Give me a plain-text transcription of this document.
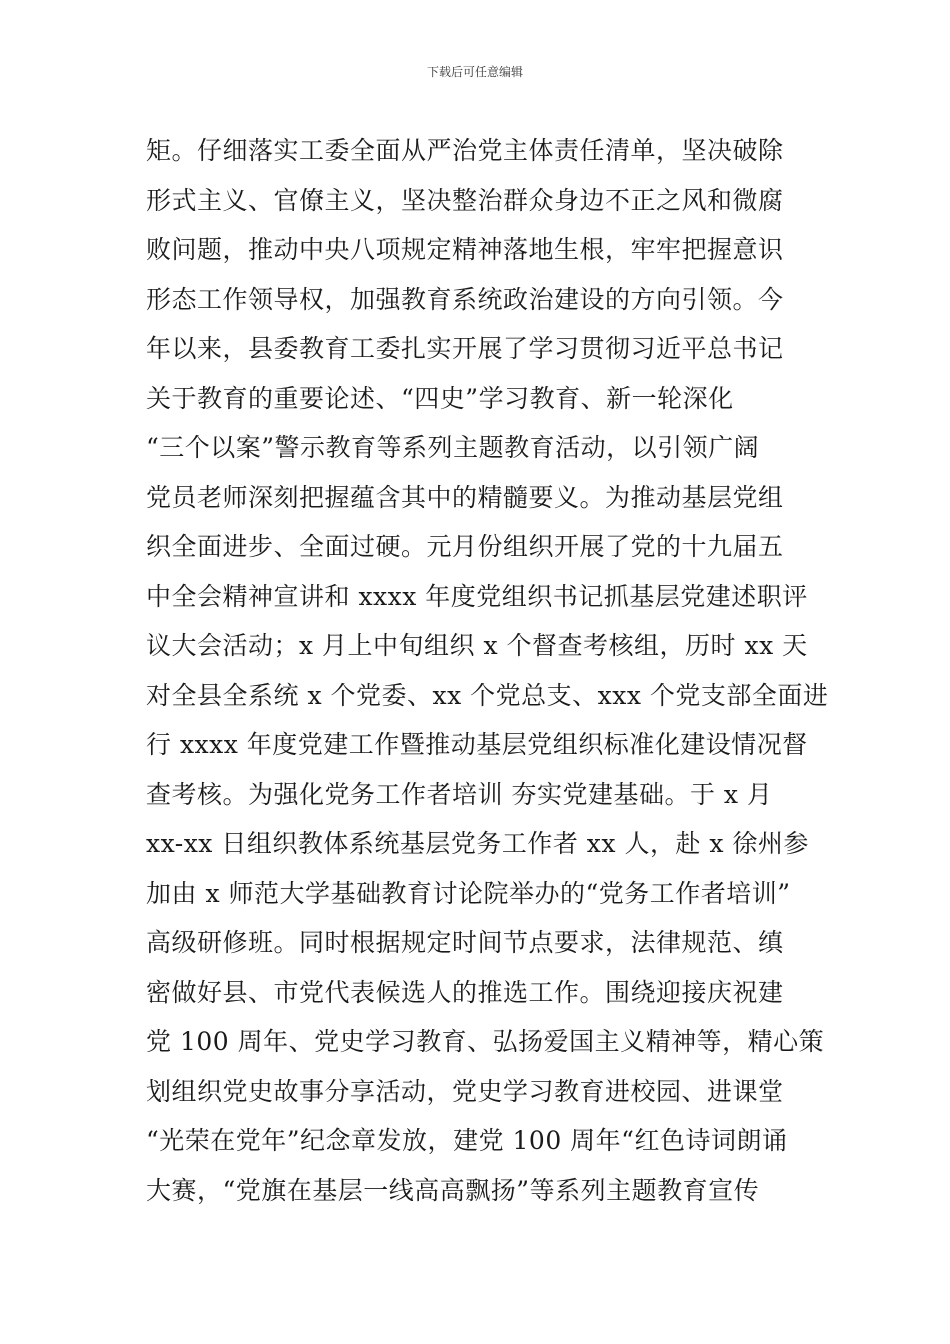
下载后可任意编辑
矩。仔细落实工委全面从严治党主体责任清单，坚决破除
形式主义、官僚主义，坚决整治群众身边不正之风和微腐
败问题，推动中央八项规定精神落地生根，牢牢把握意识
形态工作领导权，加强教育系统政治建设的方向引领。今
年以来，县委教育工委扎实开展了学习贯彻习近平总书记
关于教育的重要论述、“四史”学习教育、新一轮深化
“三个以案”警示教育等系列主题教育活动，以引领广阔
党员老师深刻把握蕴含其中的精髓要义。为推动基层党组
织全面进步、全面过硬。元月份组织开展了党的十九届五
中全会精神宣讲和 xxxx 年度党组织书记抓基层党建述职评
议大会活动；x 月上中旬组织 x 个督查考核组，历时 xx 天
对全县全系统 x 个党委、xx 个党总支、xxx 个党支部全面进
行 xxxx 年度党建工作暨推动基层党组织标准化建设情况督
查考核。为强化党务工作者培训 夯实党建基础。于 x 月
xx-xx 日组织教体系统基层党务工作者 xx 人，赴 x 徐州参
加由 x 师范大学基础教育讨论院举办的“党务工作者培训”
高级研修班。同时根据规定时间节点要求，法律规范、缜
密做好县、市党代表候选人的推选工作。围绕迎接庆祝建
党 100 周年、党史学习教育、弘扬爱国主义精神等，精心策
划组织党史故事分享活动，党史学习教育进校园、进课堂
“光荣在党年”纪念章发放，建党 100 周年“红色诗词朗诵
大赛，“党旗在基层一线高高飘扬”等系列主题教育宣传
